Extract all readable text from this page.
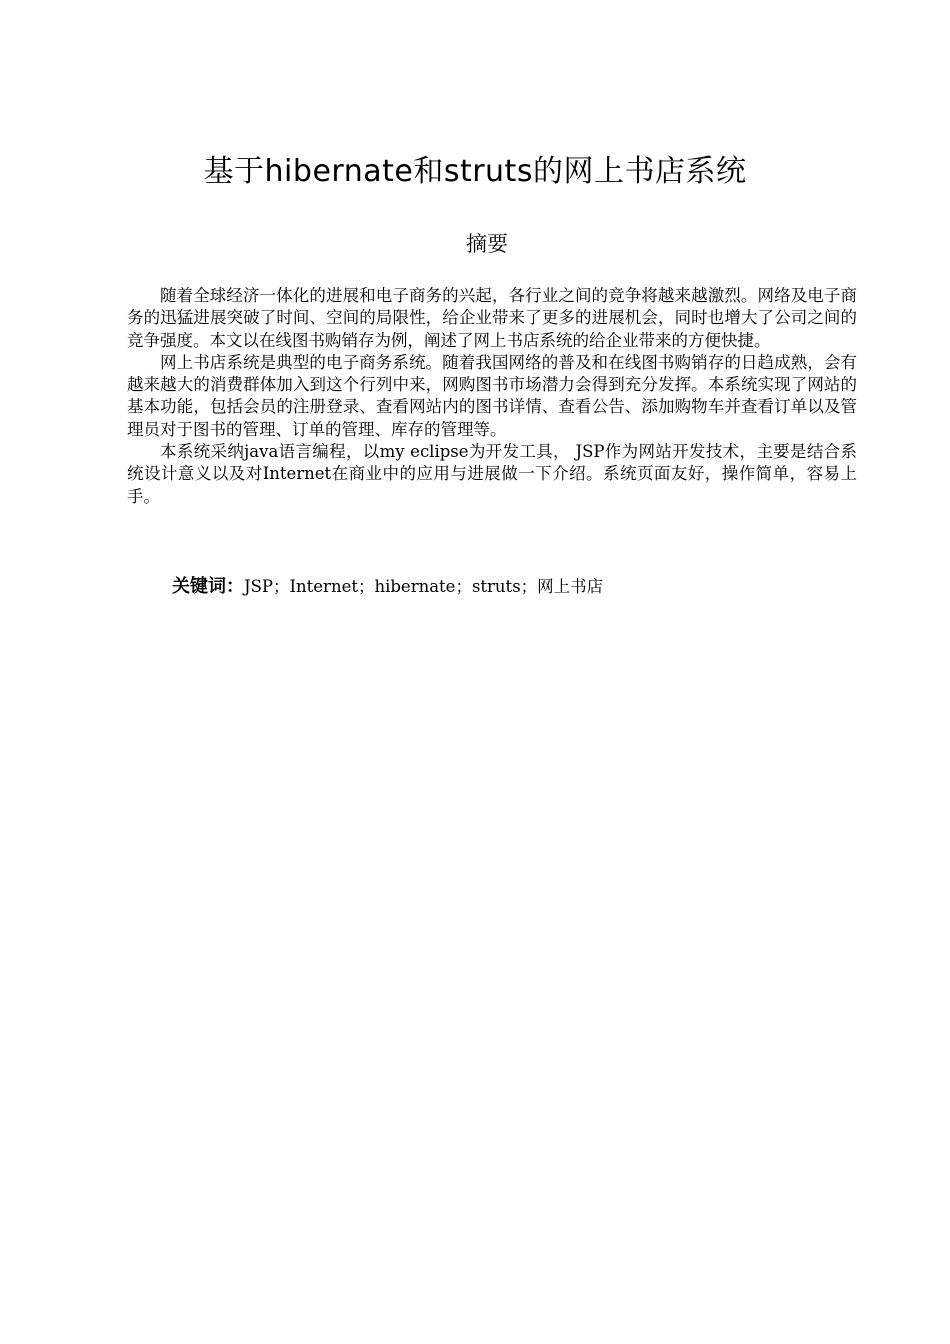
基于hibernate和struts的网上书店系统
摘要

随着全球经济一体化的进展和电子商务的兴起，各行业之间的竞争将越来越激烈。网络及电子商务的迅猛进展突破了时间、空间的局限性，给企业带来了更多的进展机会，同时也增大了公司之间的竞争强度。本文以在线图书购销存为例，阐述了网上书店系统的给企业带来的方便快捷。

网上书店系统是典型的电子商务系统。随着我国网络的普及和在线图书购销存的日趋成熟，会有越来越大的消费群体加入到这个行列中来，网购图书市场潜力会得到充分发挥。本系统实现了网站的基本功能，包括会员的注册登录、查看网站内的图书详情、查看公告、添加购物车并查看订单以及管理员对于图书的管理、订单的管理、库存的管理等。

本系统采纳java语言编程，以my eclipse为开发工具， JSP作为网站开发技术，主要是结合系统设计意义以及对Internet在商业中的应用与进展做一下介绍。系统页面友好，操作简单，容易上手。

关键词：JSP；Internet；hibernate；struts；网上书店
